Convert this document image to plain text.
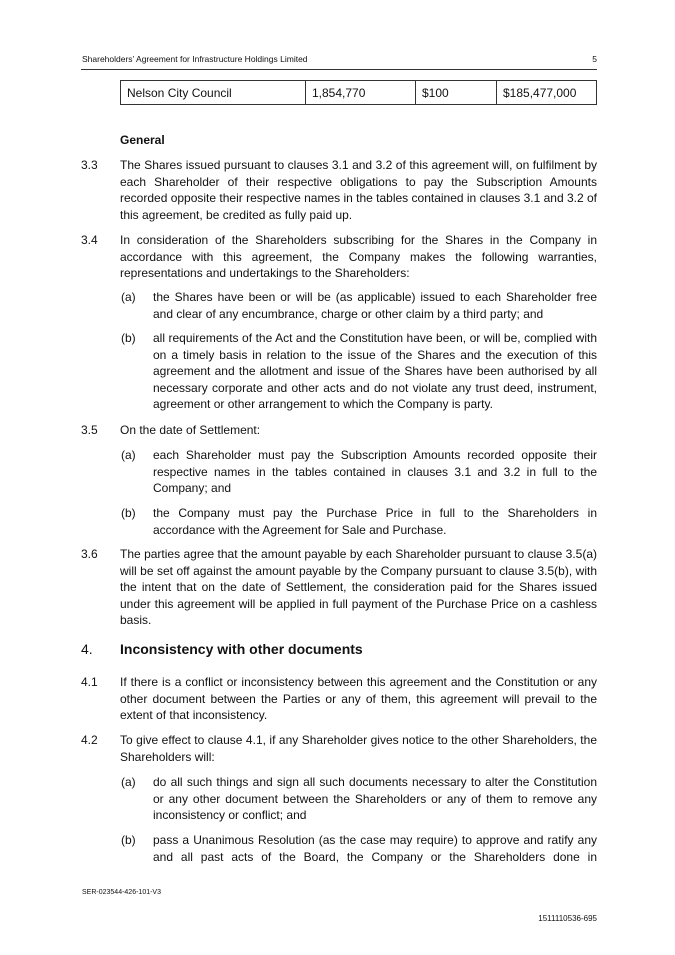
Shareholders’ Agreement for Infrastructure Holdings Limited	5
Nelson City Council	1,854,770	$100	$185,477,000
General
3.3 The Shares issued pursuant to clauses 3.1 and 3.2 of this agreement will, on fulfilment by each Shareholder of their respective obligations to pay the Subscription Amounts recorded opposite their respective names in the tables contained in clauses 3.1 and 3.2 of this agreement, be credited as fully paid up.
3.4 In consideration of the Shareholders subscribing for the Shares in the Company in accordance with this agreement, the Company makes the following warranties, representations and undertakings to the Shareholders:
(a) the Shares have been or will be (as applicable) issued to each Shareholder free and clear of any encumbrance, charge or other claim by a third party; and
(b) all requirements of the Act and the Constitution have been, or will be, complied with on a timely basis in relation to the issue of the Shares and the execution of this agreement and the allotment and issue of the Shares have been authorised by all necessary corporate and other acts and do not violate any trust deed, instrument, agreement or other arrangement to which the Company is party.
3.5 On the date of Settlement:
(a) each Shareholder must pay the Subscription Amounts recorded opposite their respective names in the tables contained in clauses 3.1 and 3.2 in full to the Company; and
(b) the Company must pay the Purchase Price in full to the Shareholders in accordance with the Agreement for Sale and Purchase.
3.6 The parties agree that the amount payable by each Shareholder pursuant to clause 3.5(a) will be set off against the amount payable by the Company pursuant to clause 3.5(b), with the intent that on the date of Settlement, the consideration paid for the Shares issued under this agreement will be applied in full payment of the Purchase Price on a cashless basis.
4. Inconsistency with other documents
4.1 If there is a conflict or inconsistency between this agreement and the Constitution or any other document between the Parties or any of them, this agreement will prevail to the extent of that inconsistency.
4.2 To give effect to clause 4.1, if any Shareholder gives notice to the other Shareholders, the Shareholders will:
(a) do all such things and sign all such documents necessary to alter the Constitution or any other document between the Shareholders or any of them to remove any inconsistency or conflict; and
(b) pass a Unanimous Resolution (as the case may require) to approve and ratify any and all past acts of the Board, the Company or the Shareholders done in
SER-023544-426-101-V3
1511110536-695
